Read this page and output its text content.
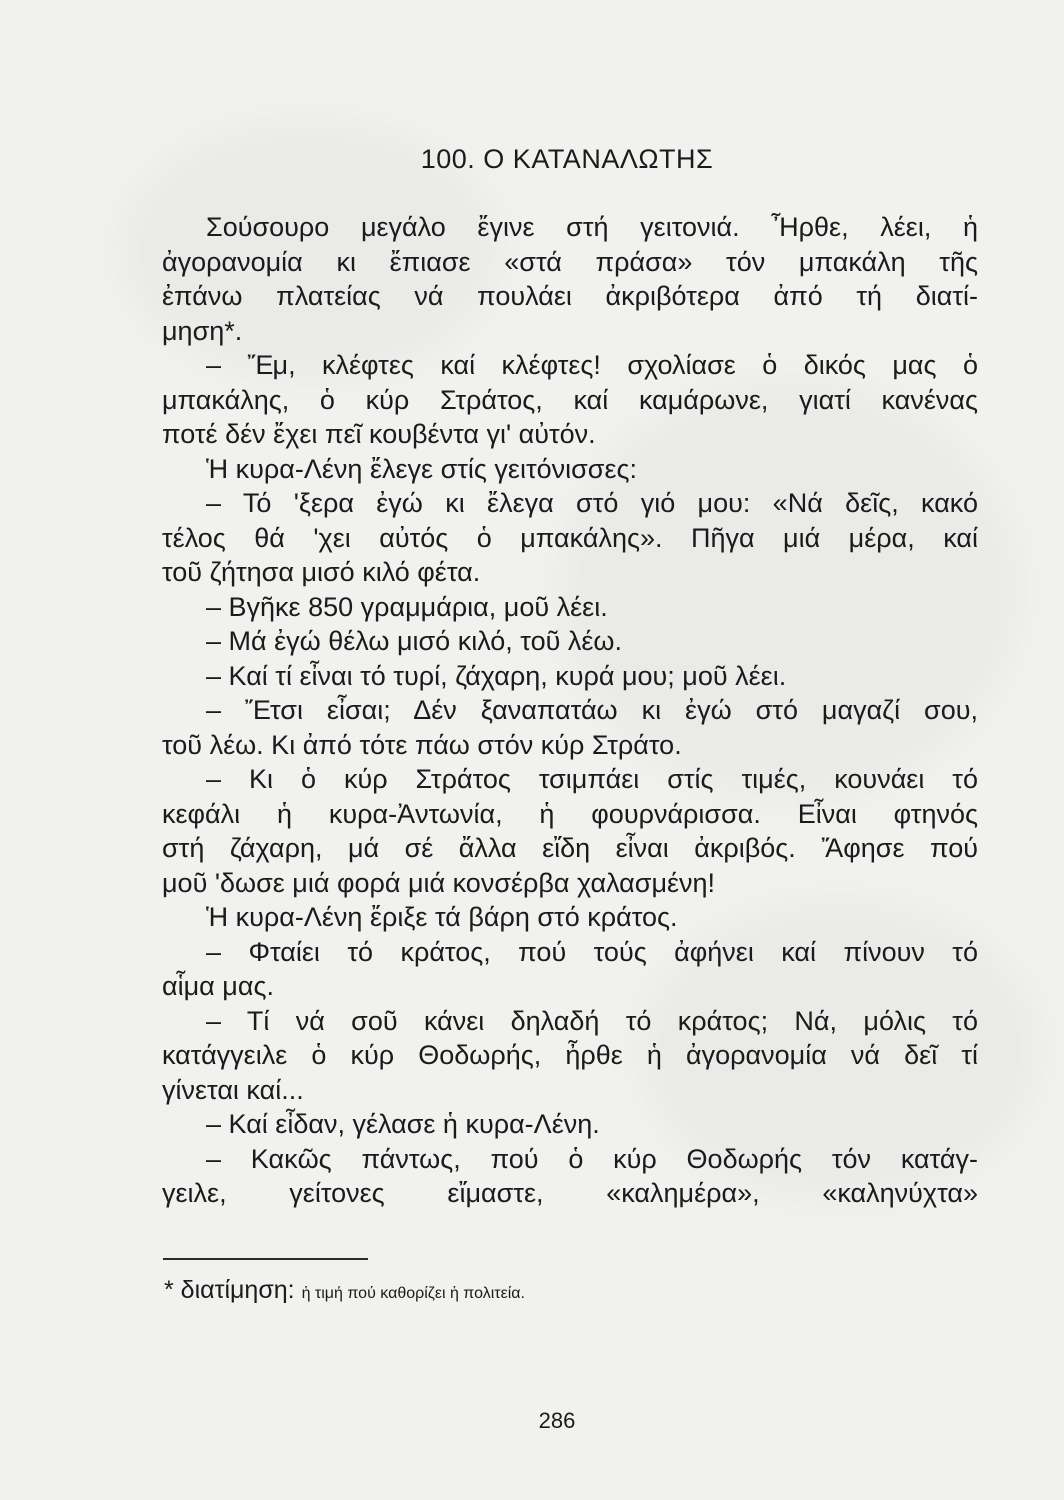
100. Ο ΚΑΤΑΝΑΛΩΤΗΣ
Σούσουρο μεγάλο ἔγινε στή γειτονιά. Ἦρθε, λέει, ἡ
ἀγορανομία κι ἔπιασε «στά πράσα» τόν μπακάλη τῆς
ἐπάνω πλατείας νά πουλάει ἀκριβότερα ἀπό τή διατί-
μηση*.
– Ἔμ, κλέφτες καί κλέφτες! σχολίασε ὁ δικός μας ὁ
μπακάλης, ὁ κύρ Στράτος, καί καμάρωνε, γιατί κανένας
ποτέ δέν ἔχει πεῖ κουβέντα γι' αὐτόν.
Ἡ κυρα-Λένη ἔλεγε στίς γειτόνισσες:
– Τό 'ξερα ἐγώ κι ἔλεγα στό γιό μου: «Νά δεῖς, κακό
τέλος θά 'χει αὐτός ὁ μπακάλης». Πῆγα μιά μέρα, καί
τοῦ ζήτησα μισό κιλό φέτα.
– Βγῆκε 850 γραμμάρια, μοῦ λέει.
– Μά ἐγώ θέλω μισό κιλό, τοῦ λέω.
– Καί τί εἶναι τό τυρί, ζάχαρη, κυρά μου; μοῦ λέει.
– Ἔτσι εἶσαι; Δέν ξαναπατάω κι ἐγώ στό μαγαζί σου,
τοῦ λέω. Κι ἀπό τότε πάω στόν κύρ Στράτο.
– Κι ὁ κύρ Στράτος τσιμπάει στίς τιμές, κουνάει τό
κεφάλι ἡ κυρα-Ἀντωνία, ἡ φουρνάρισσα. Εἶναι φτηνός
στή ζάχαρη, μά σέ ἄλλα εἴδη εἶναι ἀκριβός. Ἄφησε πού
μοῦ 'δωσε μιά φορά μιά κονσέρβα χαλασμένη!
Ἡ κυρα-Λένη ἔριξε τά βάρη στό κράτος.
– Φταίει τό κράτος, πού τούς ἀφήνει καί πίνουν τό
αἷμα μας.
– Τί νά σοῦ κάνει δηλαδή τό κράτος; Νά, μόλις τό
κατάγγειλε ὁ κύρ Θοδωρής, ἦρθε ἡ ἀγορανομία νά δεῖ τί
γίνεται καί...
– Καί εἶδαν, γέλασε ἡ κυρα-Λένη.
– Κακῶς πάντως, πού ὁ κύρ Θοδωρής τόν κατάγ-
γειλε, γείτονες εἴμαστε, «καλημέρα», «καληνύχτα»
* διατίμηση: ἡ τιμή πού καθορίζει ἡ πολιτεία.
286
